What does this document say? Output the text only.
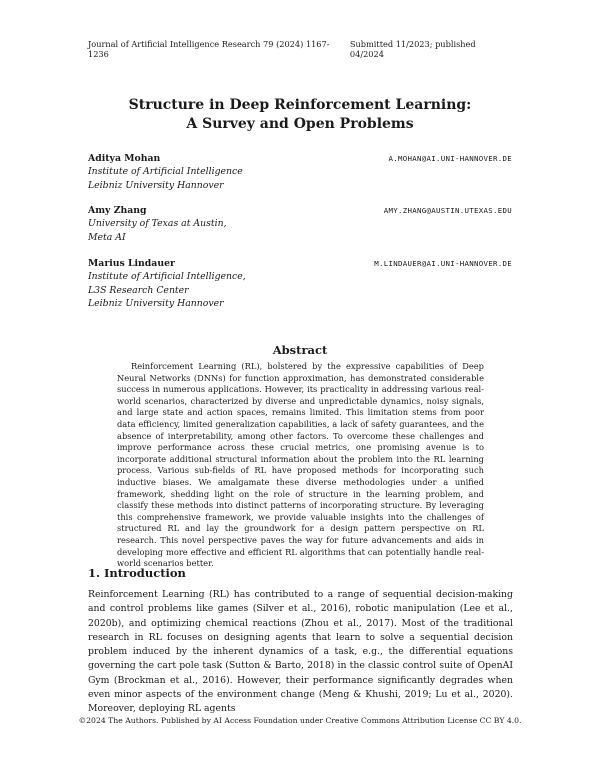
Journal of Artificial Intelligence Research 79 (2024) 1167-1236
Submitted 11/2023; published 04/2024
Structure in Deep Reinforcement Learning:
A Survey and Open Problems
Aditya Mohan	A.MOHAN@AI.UNI-HANNOVER.DE
Institute of Artificial Intelligence
Leibniz University Hannover
Amy Zhang	AMY.ZHANG@AUSTIN.UTEXAS.EDU
University of Texas at Austin,
Meta AI
Marius Lindauer	M.LINDAUER@AI.UNI-HANNOVER.DE
Institute of Artificial Intelligence,
L3S Research Center
Leibniz University Hannover
Abstract

Reinforcement Learning (RL), bolstered by the expressive capabilities of Deep Neural Networks (DNNs) for function approximation, has demonstrated considerable success in numerous applications. However, its practicality in addressing various real-world scenarios, characterized by diverse and unpredictable dynamics, noisy signals, and large state and action spaces, remains limited. This limitation stems from poor data efficiency, limited generalization capabilities, a lack of safety guarantees, and the absence of interpretability, among other factors. To overcome these challenges and improve performance across these crucial metrics, one promising avenue is to incorporate additional structural information about the problem into the RL learning process. Various sub-fields of RL have proposed methods for incorporating such inductive biases. We amalgamate these diverse methodologies under a unified framework, shedding light on the role of structure in the learning problem, and classify these methods into distinct patterns of incorporating structure. By leveraging this comprehensive framework, we provide valuable insights into the challenges of structured RL and lay the groundwork for a design pattern perspective on RL research. This novel perspective paves the way for future advancements and aids in developing more effective and efficient RL algorithms that can potentially handle real-world scenarios better.

1. Introduction

Reinforcement Learning (RL) has contributed to a range of sequential decision-making and control problems like games (Silver et al., 2016), robotic manipulation (Lee et al., 2020b), and optimizing chemical reactions (Zhou et al., 2017). Most of the traditional research in RL focuses on designing agents that learn to solve a sequential decision problem induced by the inherent dynamics of a task, e.g., the differential equations governing the cart pole task (Sutton & Barto, 2018) in the classic control suite of OpenAI Gym (Brockman et al., 2016). However, their performance significantly degrades when even minor aspects of the environment change (Meng & Khushi, 2019; Lu et al., 2020). Moreover, deploying RL agents

©2024 The Authors. Published by AI Access Foundation under Creative Commons Attribution License CC BY 4.0.
